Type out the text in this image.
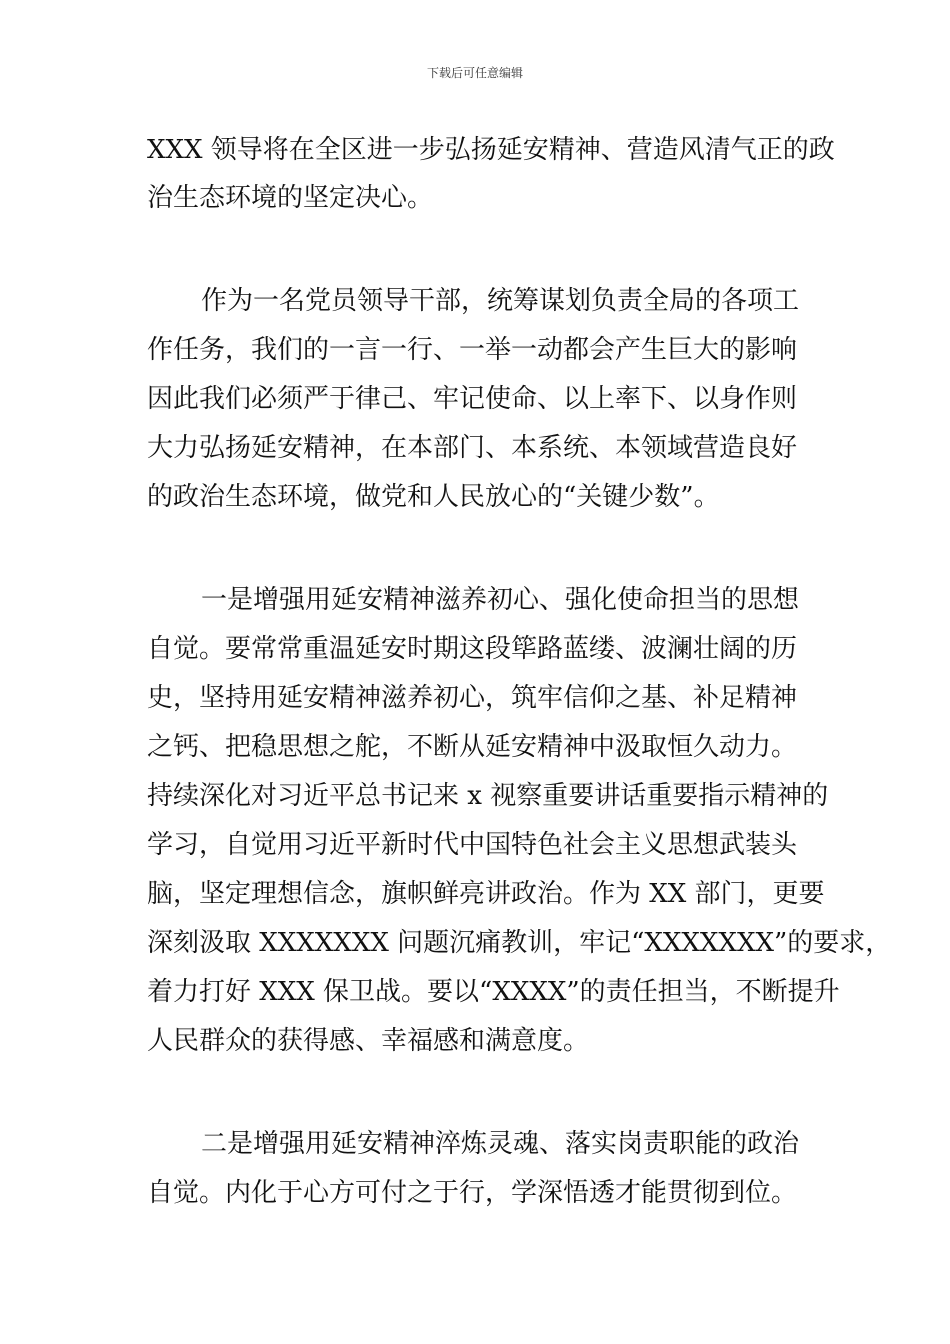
下载后可任意编辑
XXX 领导将在全区进一步弘扬延安精神、营造风清气正的政
治生态环境的坚定决心。
作为一名党员领导干部，统筹谋划负责全局的各项工
作任务，我们的一言一行、一举一动都会产生巨大的影响
因此我们必须严于律己、牢记使命、以上率下、以身作则
大力弘扬延安精神，在本部门、本系统、本领域营造良好
的政治生态环境，做党和人民放心的“关键少数”。
一是增强用延安精神滋养初心、强化使命担当的思想
自觉。要常常重温延安时期这段筚路蓝缕、波澜壮阔的历
史，坚持用延安精神滋养初心，筑牢信仰之基、补足精神
之钙、把稳思想之舵，不断从延安精神中汲取恒久动力。
持续深化对习近平总书记来 x 视察重要讲话重要指示精神的
学习，自觉用习近平新时代中国特色社会主义思想武装头
脑，坚定理想信念，旗帜鲜亮讲政治。作为 XX 部门，更要
深刻汲取 XXXXXXX 问题沉痛教训，牢记“XXXXXXX”的要求，
着力打好 XXX 保卫战。要以“XXXX”的责任担当，不断提升
人民群众的获得感、幸福感和满意度。
二是增强用延安精神淬炼灵魂、落实岗责职能的政治
自觉。内化于心方可付之于行，学深悟透才能贯彻到位。
